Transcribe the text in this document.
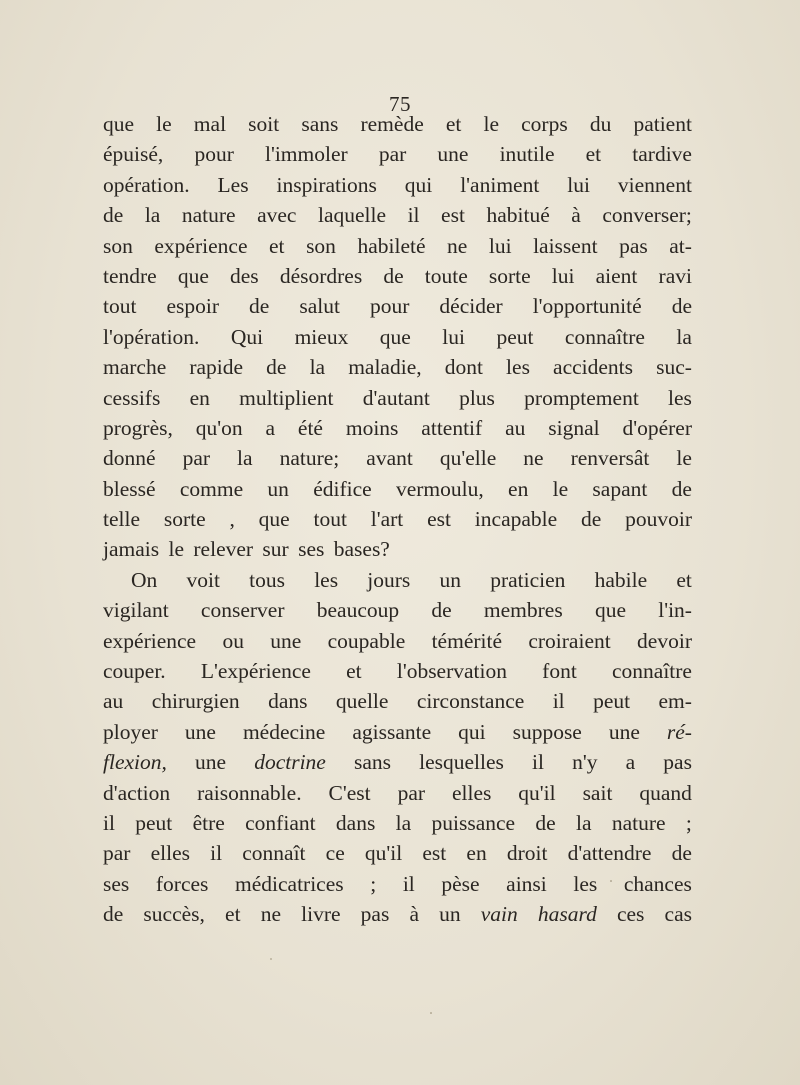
75
que le mal soit sans remède et le corps du patient
épuisé, pour l'immoler par une inutile et tardive
opération. Les inspirations qui l'animent lui viennent
de la nature avec laquelle il est habitué à converser;
son expérience et son habileté ne lui laissent pas at-
tendre que des désordres de toute sorte lui aient ravi
tout espoir de salut pour décider l'opportunité de
l'opération. Qui mieux que lui peut connaître la
marche rapide de la maladie, dont les accidents suc-
cessifs en multiplient d'autant plus promptement les
progrès, qu'on a été moins attentif au signal d'opérer
donné par la nature; avant qu'elle ne renversât le
blessé comme un édifice vermoulu, en le sapant de
telle sorte , que tout l'art est incapable de pouvoir
jamais le relever sur ses bases?
On voit tous les jours un praticien habile et
vigilant conserver beaucoup de membres que l'in-
expérience ou une coupable témérité croiraient devoir
couper. L'expérience et l'observation font connaître
au chirurgien dans quelle circonstance il peut em-
ployer une médecine agissante qui suppose une ré-
flexion, une doctrine sans lesquelles il n'y a pas
d'action raisonnable. C'est par elles qu'il sait quand
il peut être confiant dans la puissance de la nature ;
par elles il connaît ce qu'il est en droit d'attendre de
ses forces médicatrices ; il pèse ainsi les chances
de succès, et ne livre pas à un vain hasard ces cas
